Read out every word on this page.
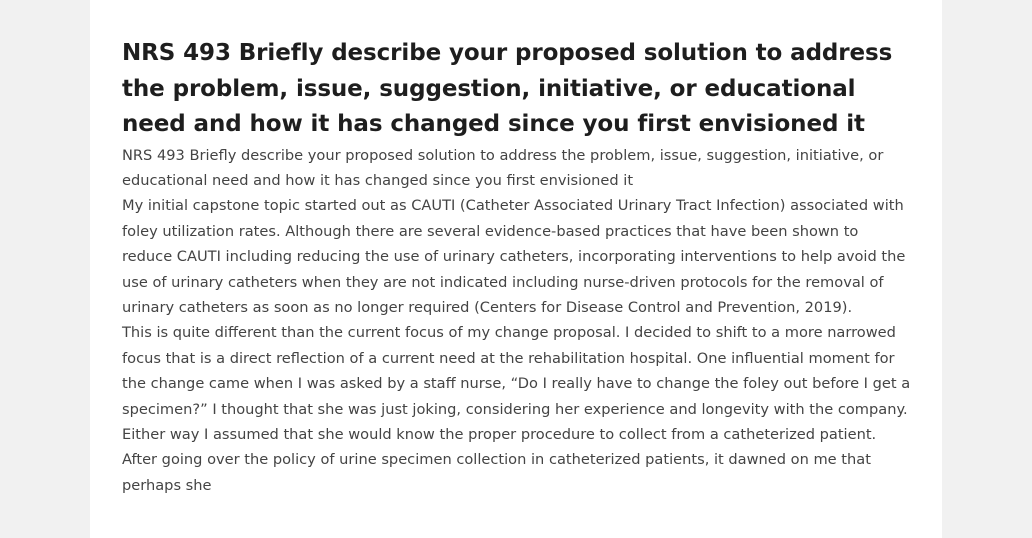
NRS 493 Briefly describe your proposed solution to address the problem, issue, suggestion, initiative, or educational need and how it has changed since you first envisioned it

NRS 493 Briefly describe your proposed solution to address the problem, issue, suggestion, initiative, or educational need and how it has changed since you first envisioned it

My initial capstone topic started out as CAUTI (Catheter Associated Urinary Tract Infection) associated with foley utilization rates. Although there are several evidence-based practices that have been shown to reduce CAUTI including reducing the use of urinary catheters, incorporating interventions to help avoid the use of urinary catheters when they are not indicated including nurse-driven protocols for the removal of urinary catheters as soon as no longer required (Centers for Disease Control and Prevention, 2019).

This is quite different than the current focus of my change proposal. I decided to shift to a more narrowed focus that is a direct reflection of a current need at the rehabilitation hospital. One influential moment for the change came when I was asked by a staff nurse, “Do I really have to change the foley out before I get a specimen?” I thought that she was just joking, considering her experience and longevity with the company. Either way I assumed that she would know the proper procedure to collect from a catheterized patient. After going over the policy of urine specimen collection in catheterized patients, it dawned on me that perhaps she
